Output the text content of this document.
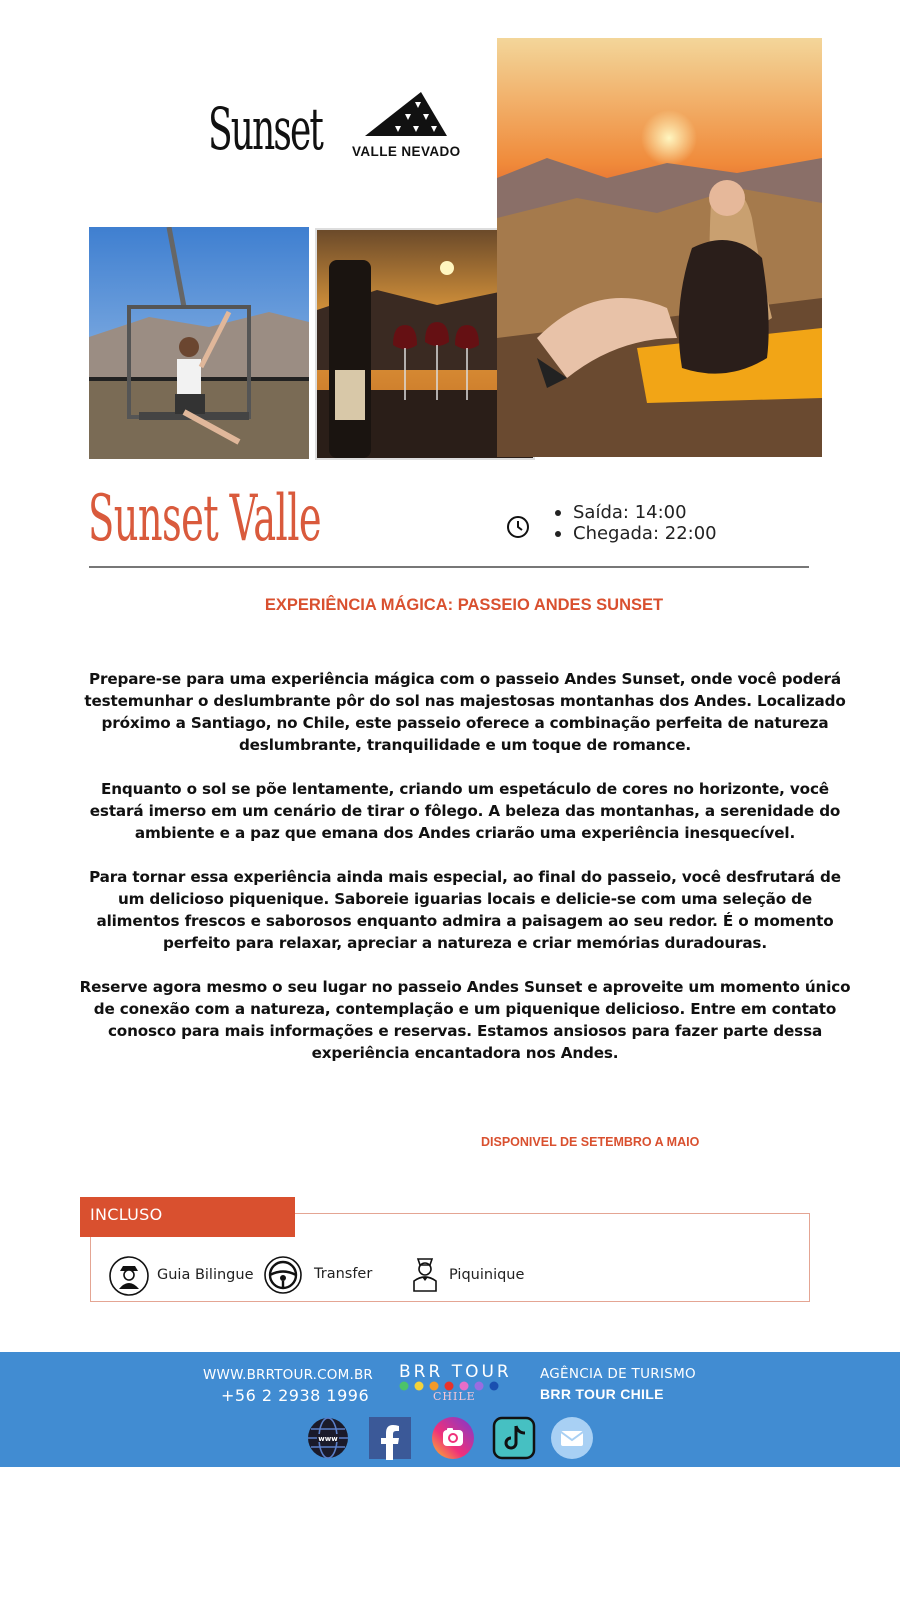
Sunset VALLE NEVADO
Sunset Valle	Saída: 14:00
Chegada: 22:00
EXPERIÊNCIA MÁGICA: PASSEIO ANDES SUNSET

Prepare-se para uma experiência mágica com o passeio Andes Sunset, onde você poderá testemunhar o deslumbrante pôr do sol nas majestosas montanhas dos Andes. Localizado próximo a Santiago, no Chile, este passeio oferece a combinação perfeita de natureza deslumbrante, tranquilidade e um toque de romance.

Enquanto o sol se põe lentamente, criando um espetáculo de cores no horizonte, você estará imerso em um cenário de tirar o fôlego. A beleza das montanhas, a serenidade do ambiente e a paz que emana dos Andes criarão uma experiência inesquecível.

Para tornar essa experiência ainda mais especial, ao final do passeio, você desfrutará de um delicioso piquenique. Saboreie iguarias locais e delicie-se com uma seleção de alimentos frescos e saborosos enquanto admira a paisagem ao seu redor. É o momento perfeito para relaxar, apreciar a natureza e criar memórias duradouras.

Reserve agora mesmo o seu lugar no passeio Andes Sunset e aproveite um momento único de conexão com a natureza, contemplação e um piquenique delicioso. Entre em contato conosco para mais informações e reservas. Estamos ansiosos para fazer parte dessa experiência encantadora nos Andes.

DISPONIVEL DE SETEMBRO A MAIO
INCLUSO
Guia Bilingue	Transfer	Piquinique
WWW.BRRTOUR.COM.BR
+56 2 2938 1996
BRR TOUR
CHILE
AGÊNCIA DE TURISMO
BRR TOUR CHILE
www
